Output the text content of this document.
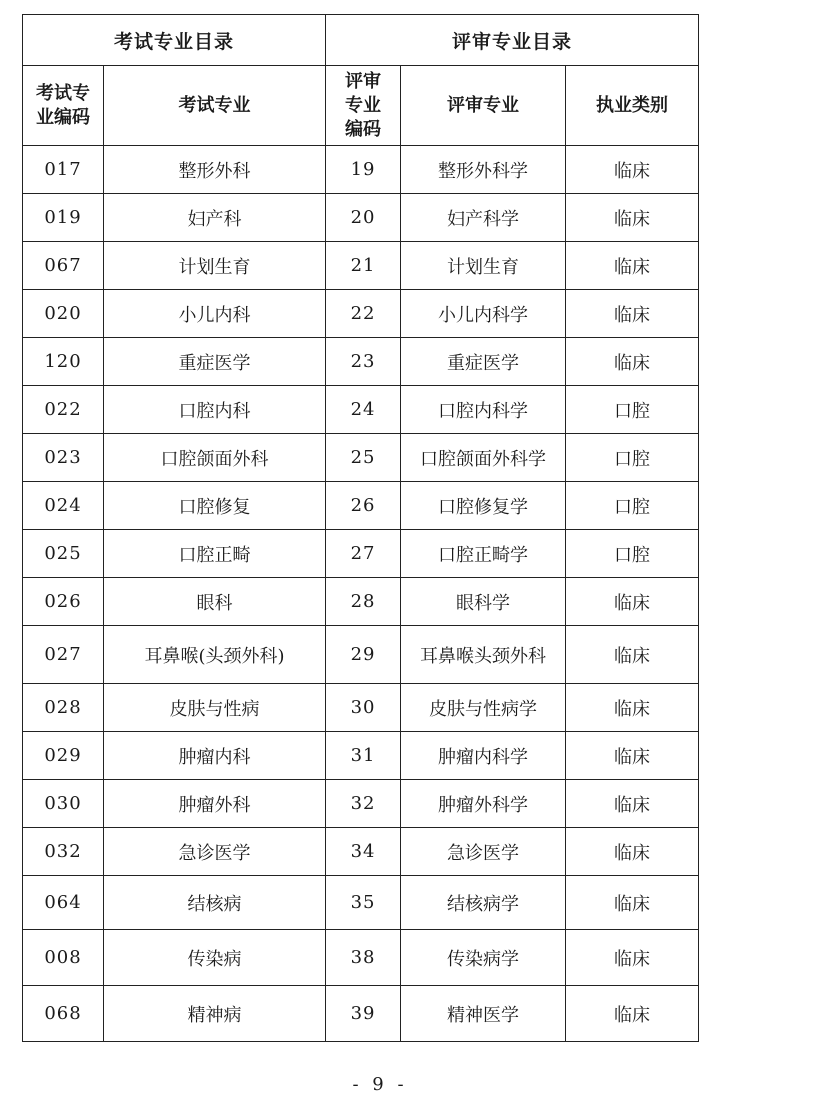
考试专业目录		评审专业目录		

考试专业编码	考试专业	评审专业编码	评审专业	执业类别
017	整形外科	19	整形外科学	临床
019	妇产科	20	妇产科学	临床
067	计划生育	21	计划生育	临床
020	小儿内科	22	小儿内科学	临床
120	重症医学	23	重症医学	临床
022	口腔内科	24	口腔内科学	口腔
023	口腔颌面外科	25	口腔颌面外科学	口腔
024	口腔修复	26	口腔修复学	口腔
025	口腔正畸	27	口腔正畸学	口腔
026	眼科	28	眼科学	临床
027	耳鼻喉(头颈外科)	29	耳鼻喉头颈外科	临床
028	皮肤与性病	30	皮肤与性病学	临床
029	肿瘤内科	31	肿瘤内科学	临床
030	肿瘤外科	32	肿瘤外科学	临床
032	急诊医学	34	急诊医学	临床
064	结核病	35	结核病学	临床
008	传染病	38	传染病学	临床
068	精神病	39	精神医学	临床
- 9 -
